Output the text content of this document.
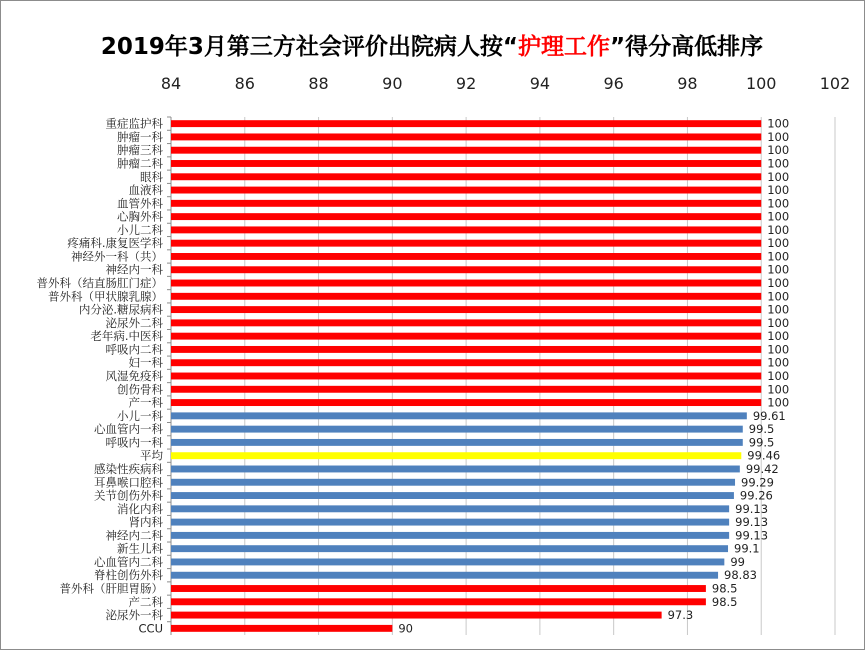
2019年3月第三方社会评价出院病人按“护理工作”得分高低排序
84	86	88	90	92	94	96	98	100	102
重症监护科	100
肿瘤一科	100
肿瘤三科	100
肿瘤二科	100
眼科	100
血液科	100
血管外科	100
心胸外科	100
小儿二科	100
疼痛科.康复医学科	100
神经外一科（共）	100
神经内一科	100
普外科（结直肠肛门症）	100
普外科（甲状腺乳腺）	100
内分泌.糖尿病科	100
泌尿外二科	100
老年病.中医科	100
呼吸内二科	100
妇一科	100
风湿免疫科	100
创伤骨科	100
产一科	100
小儿一科	99.61
心血管内一科	99.5
呼吸内一科	99.5
平均	99.46
感染性疾病科	99.42
耳鼻喉口腔科	99.29
关节创伤外科	99.26
消化内科	99.13
肾内科	99.13
神经内二科	99.13
新生儿科	99.1
心血管内二科	99
脊柱创伤外科	98.83
普外科（肝胆胃肠）	98.5
产二科	98.5
泌尿外一科	97.3
CCU	90
